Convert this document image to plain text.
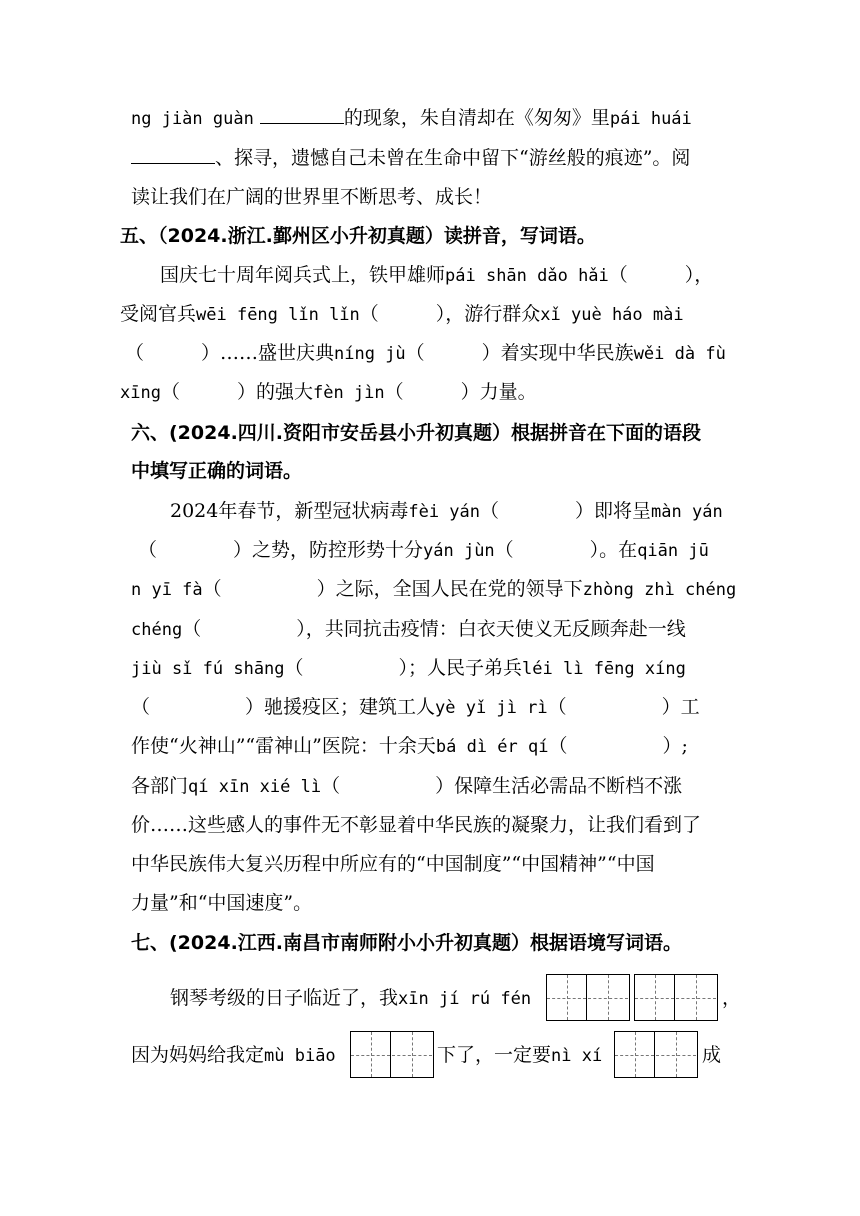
ng jiàn guàn	的现象，朱自清却在《匆匆》里pái huái
、探寻，遗憾自己未曾在生命中留下“游丝般的痕迹”。阅
读让我们在广阔的世界里不断思考、成长！
五、（2024.浙江.鄞州区小升初真题）读拼音，写词语。
国庆七十周年阅兵式上，铁甲雄师pái shān dǎo hǎi（　　　），
受阅官兵wēi fēng lǐn lǐn（　　　），游行群众xǐ yuè háo mài
（　　　）……盛世庆典níng jù（　　　）着实现中华民族wěi dà fù
xīng（　　　）的强大fèn jìn（　　　）力量。
六、(2024.四川.资阳市安岳县小升初真题）根据拼音在下面的语段
中填写正确的词语。
2024年春节，新型冠状病毒fèi yán（　　　　）即将呈màn yán
（　　　　）之势，防控形势十分yán jùn（　　　　）。在qiān jū
n yī fà（　　　　　）之际，全国人民在党的领导下zhòng zhì chéng
chéng（　　　　　），共同抗击疫情：白衣天使义无反顾奔赴一线
jiù sǐ fú shāng（　　　　　）；人民子弟兵léi lì fēng xíng
（　　　　　）驰援疫区；建筑工人yè yǐ jì rì（　　　　　）工
作使“火神山”“雷神山”医院：十余天bá dì ér qí（　　　　　）;
各部门qí xīn xié lì（　　　　　）保障生活必需品不断档不涨
价……这些感人的事件无不彰显着中华民族的凝聚力，让我们看到了
中华民族伟大复兴历程中所应有的“中国制度”“中国精神”“中国
力量”和“中国速度”。
七、(2024.江西.南昌市南师附小小升初真题）根据语境写词语。
钢琴考级的日子临近了，我xīn jí rú fén	，
因为妈妈给我定mù biāo	下了，一定要nì xí	成
